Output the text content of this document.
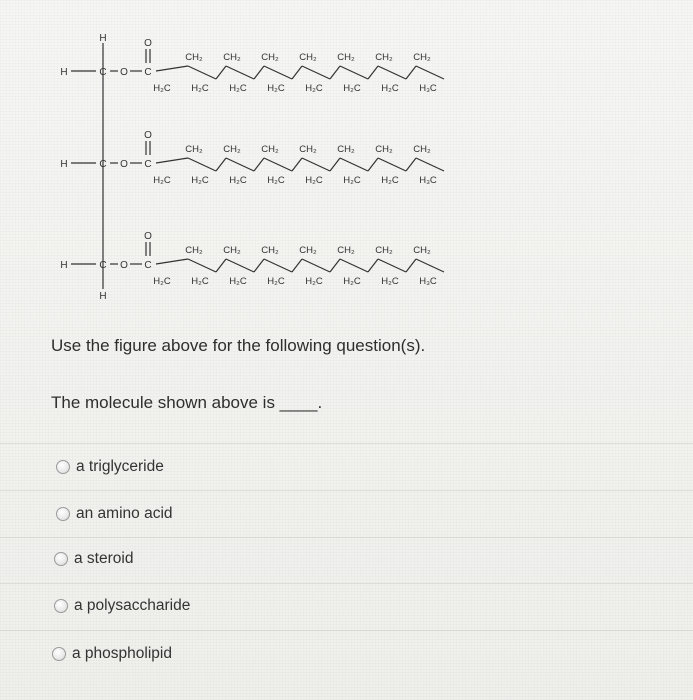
H
H
H	C O C
O
CH₂ CH₂ CH₂ CH₂ CH₂ CH₂ CH₂
H₂C H₂C H₂C H₂C H₂C H₂C H₂C H₃C
H	C O C
O
CH₂ CH₂ CH₂ CH₂ CH₂ CH₂ CH₂
H₂C H₂C H₂C H₂C H₂C H₂C H₂C H₃C
H	C O C
O
CH₂ CH₂ CH₂ CH₂ CH₂ CH₂ CH₂
H₂C H₂C H₂C H₂C H₂C H₂C H₂C H₃C
Use the figure above for the following question(s).
The molecule shown above is ____.
a triglyceride
an amino acid
a steroid
a polysaccharide
a phospholipid
